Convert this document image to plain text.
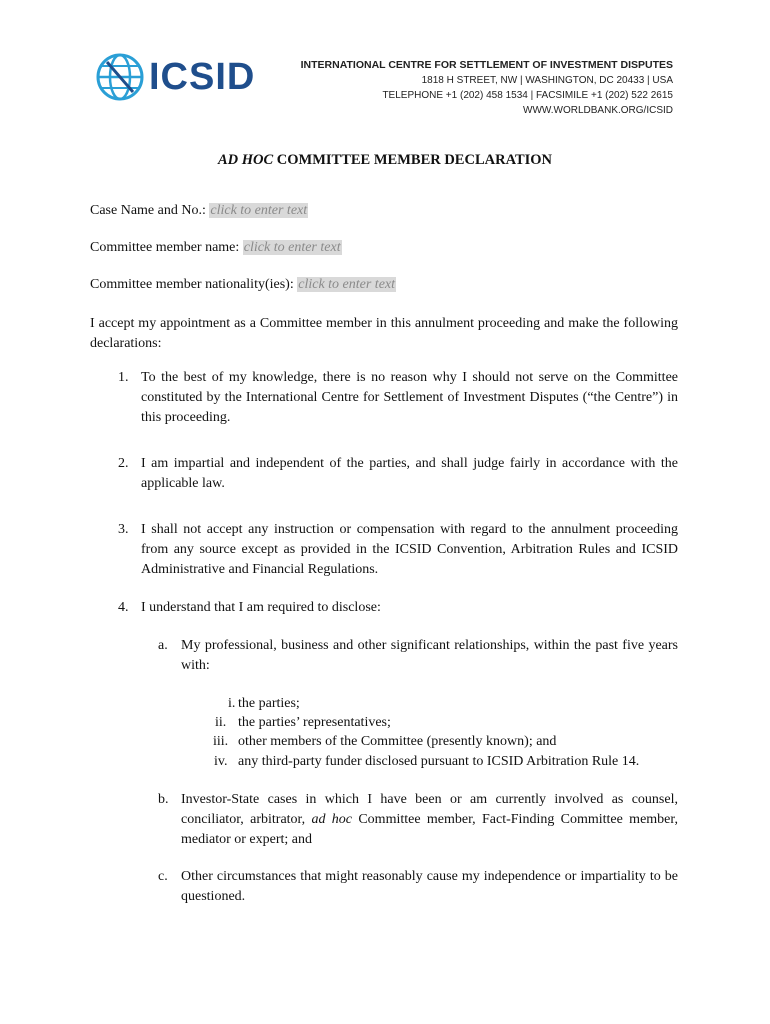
ICSID	INTERNATIONAL CENTRE FOR SETTLEMENT OF INVESTMENT DISPUTES
1818 H STREET, NW | WASHINGTON, DC 20433 | USA
TELEPHONE +1 (202) 458 1534 | FACSIMILE +1 (202) 522 2615
WWW.WORLDBANK.ORG/ICSID
AD HOC COMMITTEE MEMBER DECLARATION
Case Name and No.: click to enter text
Committee member name: click to enter text
Committee member nationality(ies): click to enter text
I accept my appointment as a Committee member in this annulment proceeding and make the following declarations:
1. To the best of my knowledge, there is no reason why I should not serve on the Committee constituted by the International Centre for Settlement of Investment Disputes (“the Centre”) in this proceeding.
2. I am impartial and independent of the parties, and shall judge fairly in accordance with the applicable law.
3. I shall not accept any instruction or compensation with regard to the annulment proceeding from any source except as provided in the ICSID Convention, Arbitration Rules and ICSID Administrative and Financial Regulations.
4. I understand that I am required to disclose:
a. My professional, business and other significant relationships, within the past five years with:
i. the parties;
ii. the parties’ representatives;
iii. other members of the Committee (presently known); and
iv. any third-party funder disclosed pursuant to ICSID Arbitration Rule 14.
b. Investor-State cases in which I have been or am currently involved as counsel, conciliator, arbitrator, ad hoc Committee member, Fact-Finding Committee member, mediator or expert; and
c. Other circumstances that might reasonably cause my independence or impartiality to be questioned.
